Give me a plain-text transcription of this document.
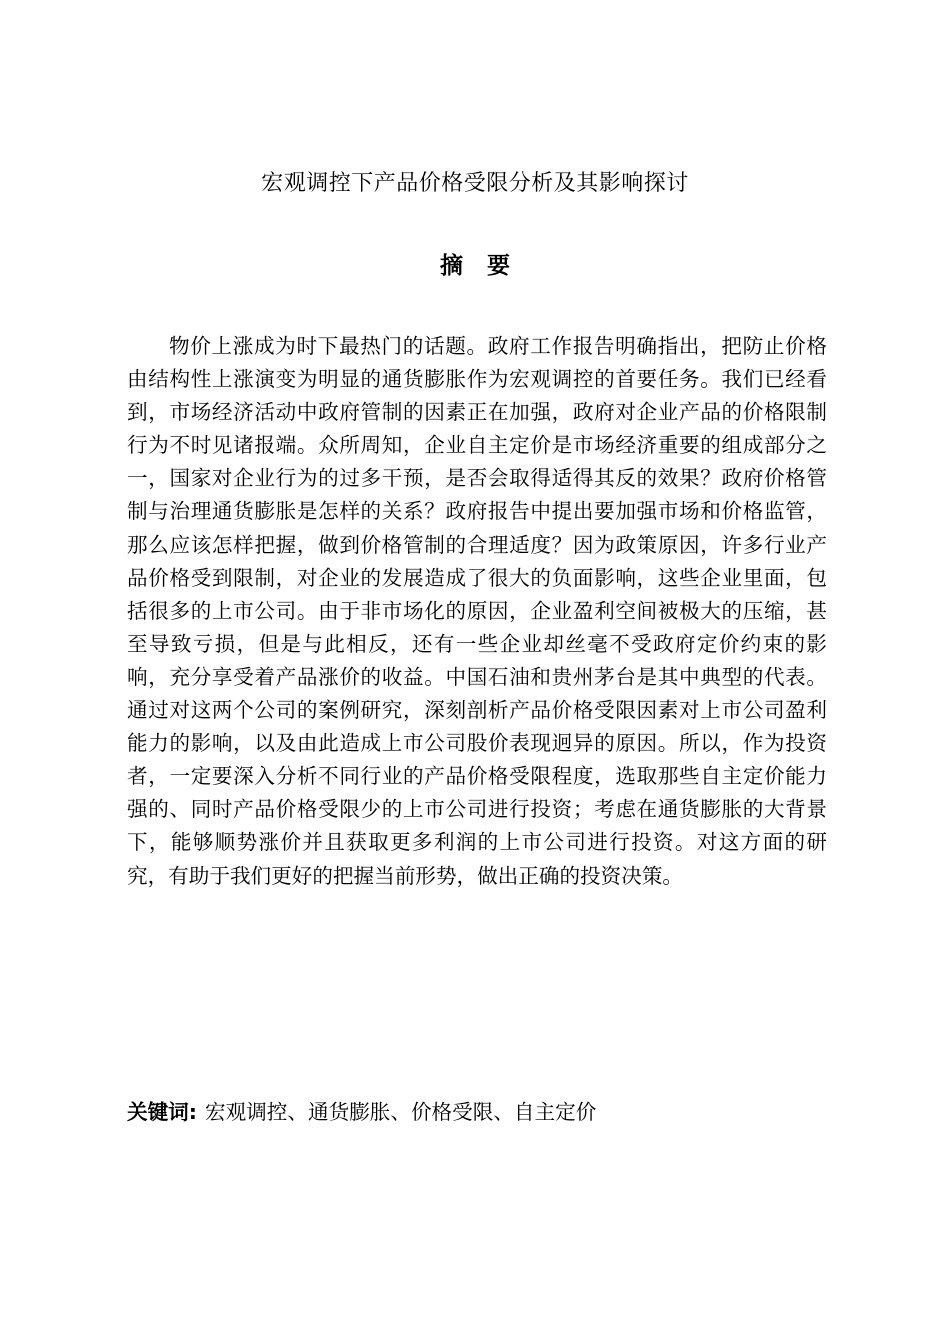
宏观调控下产品价格受限分析及其影响探讨
摘要

物价上涨成为时下最热门的话题。政府工作报告明确指出，把防止价格由结构性上涨演变为明显的通货膨胀作为宏观调控的首要任务。我们已经看到，市场经济活动中政府管制的因素正在加强，政府对企业产品的价格限制行为不时见诸报端。众所周知，企业自主定价是市场经济重要的组成部分之一，国家对企业行为的过多干预，是否会取得适得其反的效果？政府价格管制与治理通货膨胀是怎样的关系？政府报告中提出要加强市场和价格监管，那么应该怎样把握，做到价格管制的合理适度？因为政策原因，许多行业产品价格受到限制，对企业的发展造成了很大的负面影响，这些企业里面，包括很多的上市公司。由于非市场化的原因，企业盈利空间被极大的压缩，甚至导致亏损，但是与此相反，还有一些企业却丝毫不受政府定价约束的影响，充分享受着产品涨价的收益。中国石油和贵州茅台是其中典型的代表。通过对这两个公司的案例研究，深刻剖析产品价格受限因素对上市公司盈利能力的影响，以及由此造成上市公司股价表现迥异的原因。所以，作为投资者，一定要深入分析不同行业的产品价格受限程度，选取那些自主定价能力强的、同时产品价格受限少的上市公司进行投资；考虑在通货膨胀的大背景下，能够顺势涨价并且获取更多利润的上市公司进行投资。对这方面的研究，有助于我们更好的把握当前形势，做出正确的投资决策。

关键词: 宏观调控、通货膨胀、价格受限、自主定价
